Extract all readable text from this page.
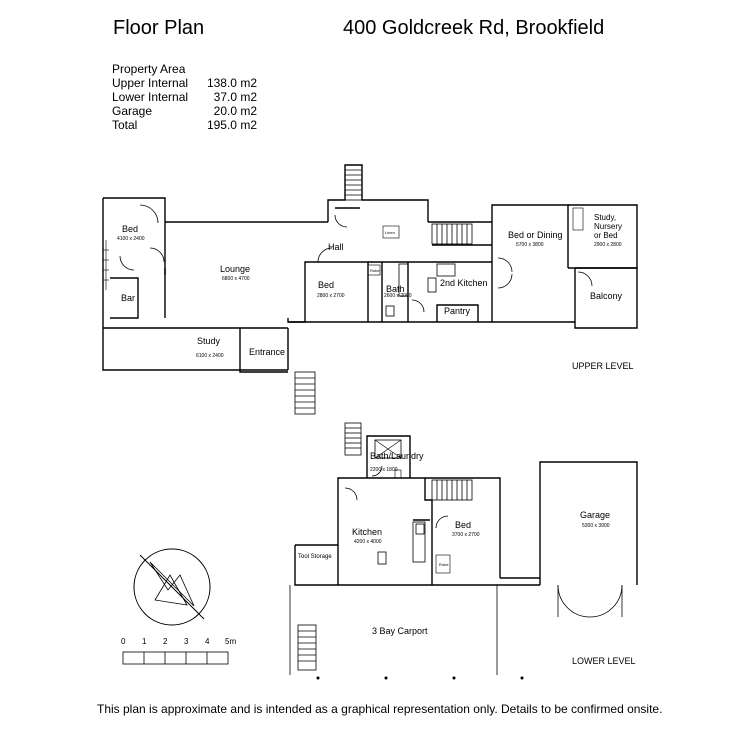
Floor Plan	400 Goldcreek Rd, Brookfield
Property Area
Upper Internal 138.0 m2
Lower Internal 37.0 m2
Garage	20.0 m2
Total	195.0 m2
Bed
4100 x 2400
Bar
Lounge
6800 x 4700
Hall
Study
6100 x 2400	Entrance
Bed
2800 x 2700
Bath
2600 x 2000
2nd Kitchen
Pantry
Bed or Dining
5700 x 3800
Study,
Nursery
or Bed
2900 x 2800
Balcony
Robe
Linen
UPPER LEVEL
Bath/Laundry
2200 x 1800
Kitchen
4200 x 4000
Bed
3700 x 2700
Tool Storage
3 Bay Carport
Garage
5300 x 3900
Robe
LOWER LEVEL
0 1 2 3 4 5m
This plan is approximate and is intended as a graphical representation only. Details to be confirmed onsite.
